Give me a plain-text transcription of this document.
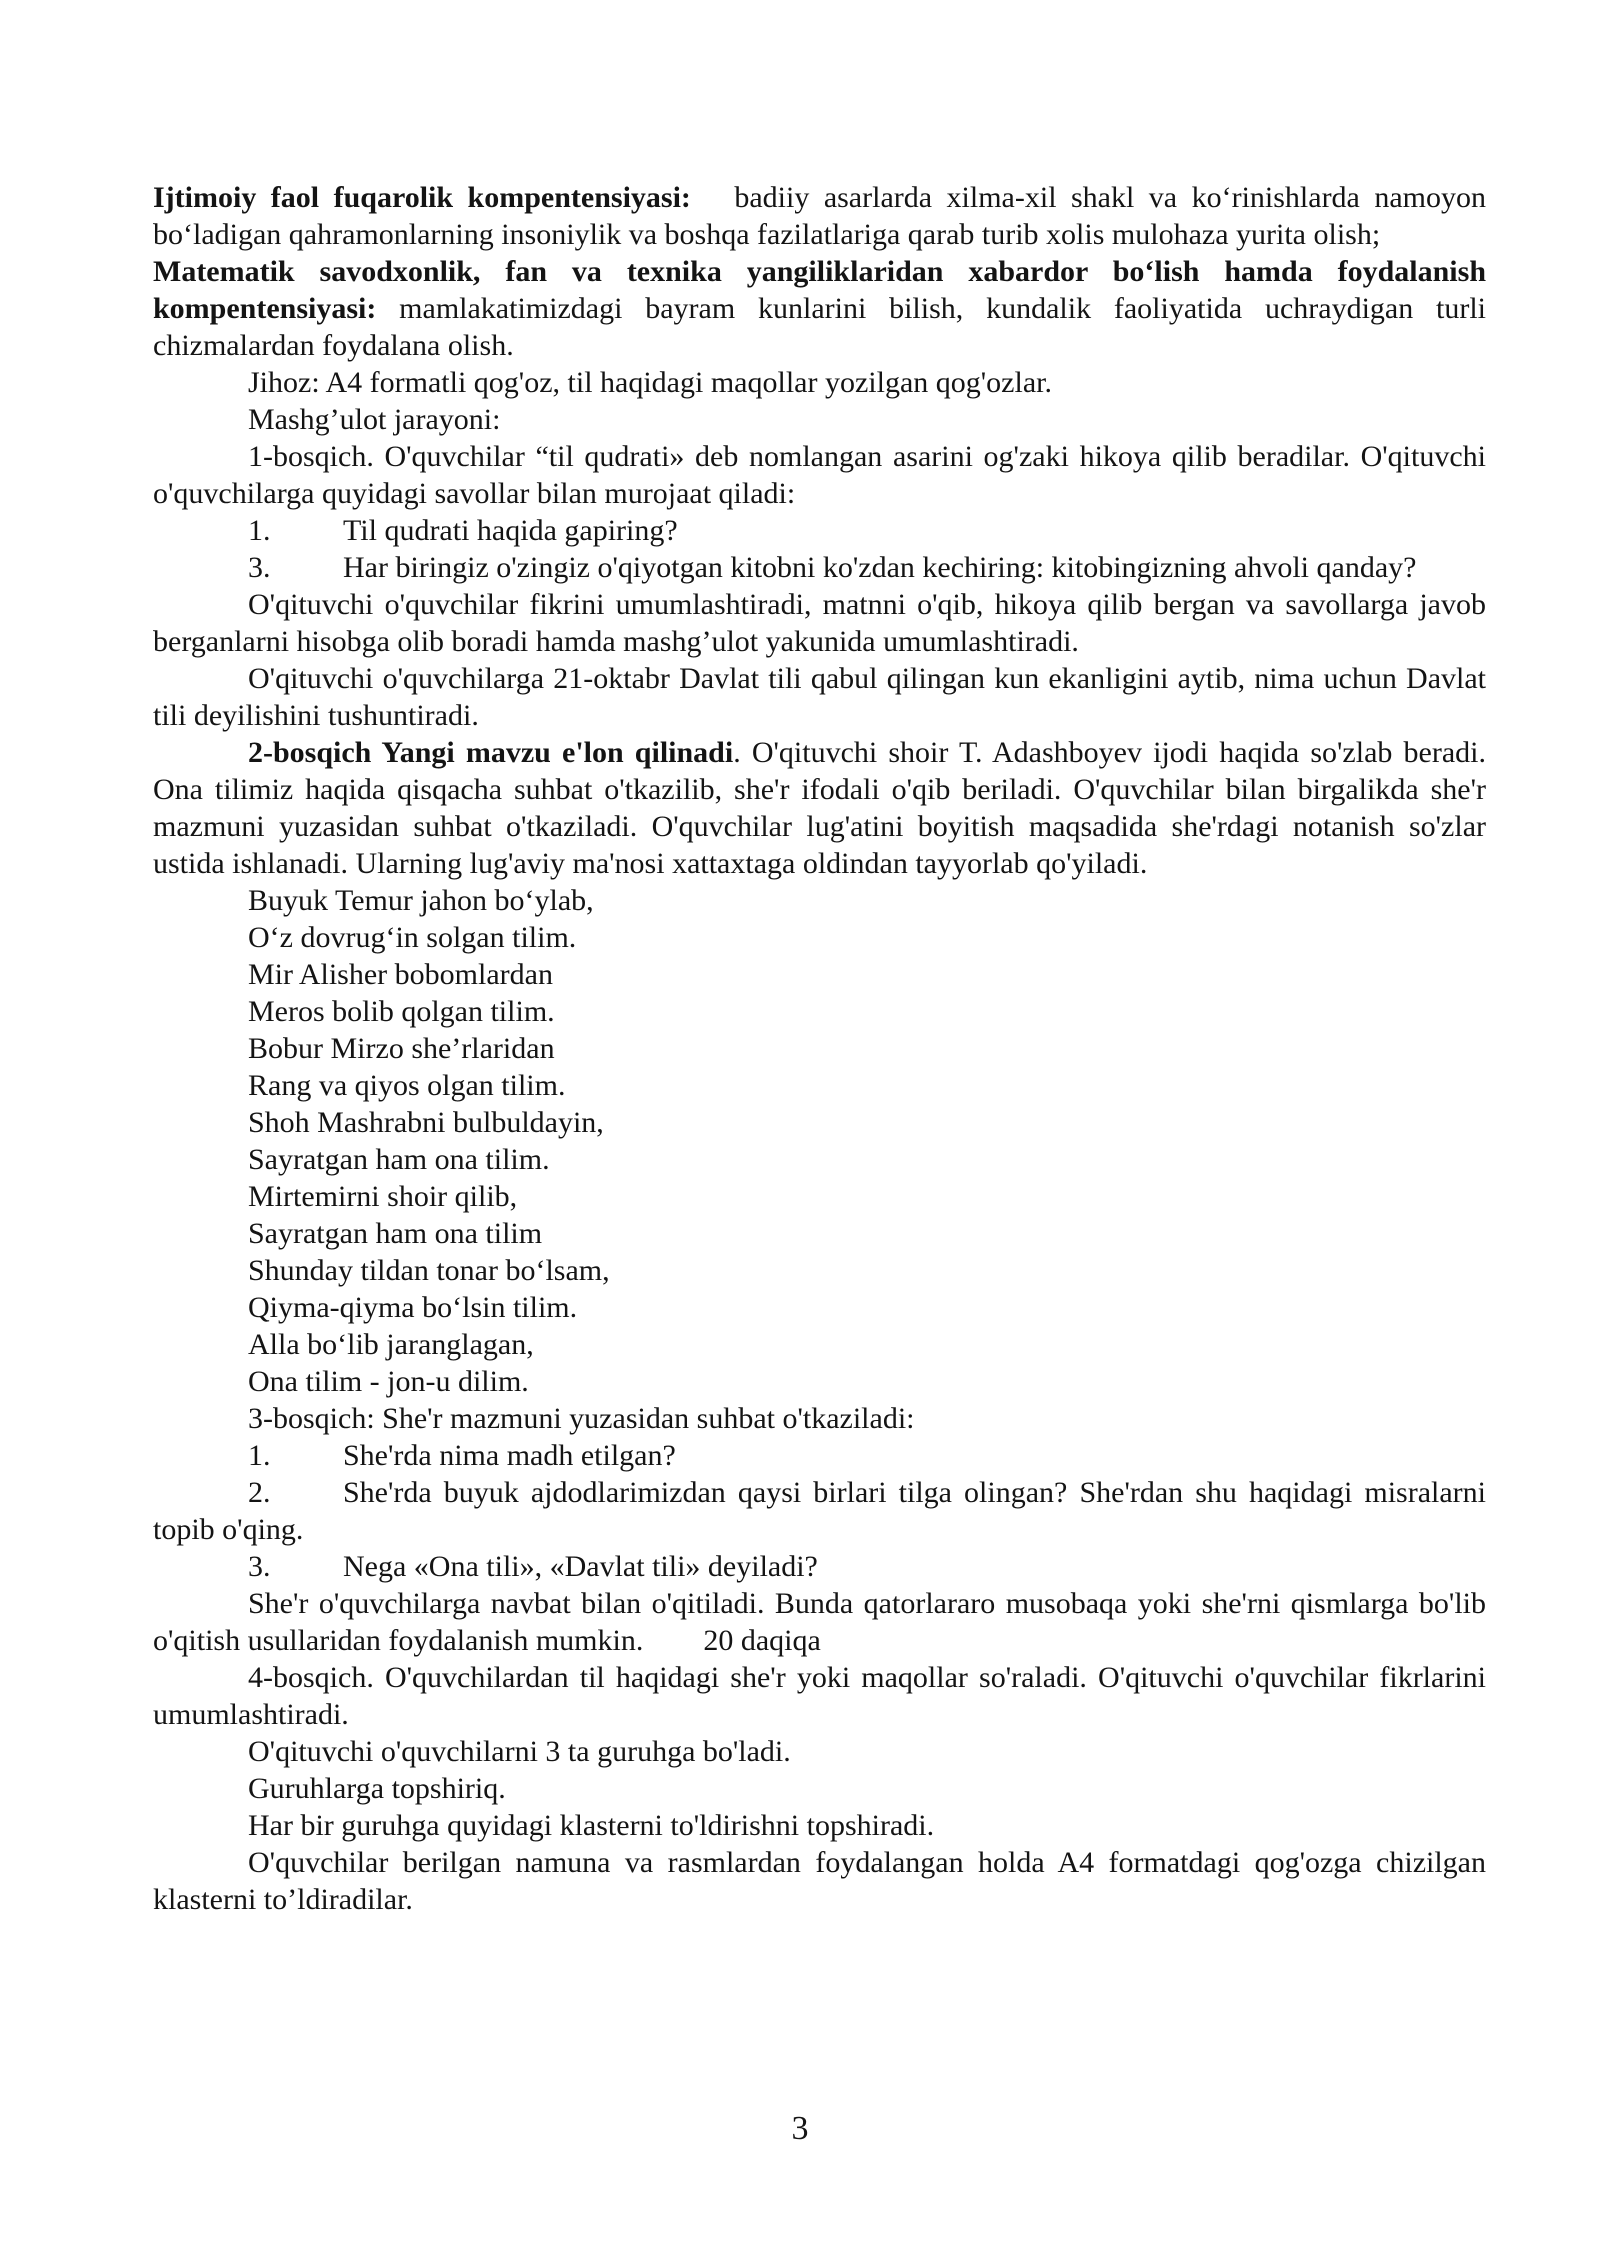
Ijtimoiy faol fuqarolik kompentensiyasi: badiiy asarlarda xilma-xil shakl va ko‘rinishlarda namoyon bo‘ladigan qahramonlarning insoniylik va boshqa fazilatlariga qarab turib xolis mulohaza yurita olish;

Matematik savodxonlik, fan va texnika yangiliklaridan xabardor bo‘lish hamda foydalanish kompentensiyasi: mamlakatimizdagi bayram kunlarini bilish, kundalik faoliyatida uchraydigan turli chizmalardan foydalana olish.

Jihoz: A4 formatli qog'oz, til haqidagi maqollar yozilgan qog'ozlar.

Mashg’ulot jarayoni:

1-bosqich. O'quvchilar “til qudrati» deb nomlangan asarini og'zaki hikoya qilib beradilar. O'qituvchi o'quvchilarga quyidagi savollar bilan murojaat qiladi:

1. Til qudrati haqida gapiring?

3. Har biringiz o'zingiz o'qiyotgan kitobni ko'zdan kechiring: kitobingizning ahvoli qanday?

O'qituvchi o'quvchilar fikrini umumlashtiradi, matnni o'qib, hikoya qilib bergan va savollarga javob berganlarni hisobga olib boradi hamda mashg’ulot yakunida umumlashtiradi.

O'qituvchi o'quvchilarga 21-oktabr Davlat tili qabul qilingan kun ekanligini aytib, nima uchun Davlat tili deyilishini tushuntiradi.

2-bosqich Yangi mavzu e'lon qilinadi. O'qituvchi shoir T. Adashboyev ijodi haqida so'zlab beradi. Ona tilimiz haqida qisqacha suhbat o'tkazilib, she'r ifodali o'qib beriladi. O'quvchilar bilan birgalikda she'r mazmuni yuzasidan suhbat o'tkaziladi. O'quvchilar lug'atini boyitish maqsadida she'rdagi notanish so'zlar ustida ishlanadi. Ularning lug'aviy ma'nosi xattaxtaga oldindan tayyorlab qo'yiladi.

Buyuk Temur jahon bo‘ylab,
O‘z dovrug‘in solgan tilim.
Mir Alisher bobomlardan
Meros bolib qolgan tilim.
Bobur Mirzo she’rlaridan
Rang va qiyos olgan tilim.
Shoh Mashrabni bulbuldayin,
Sayratgan ham ona tilim.
Mirtemirni shoir qilib,
Sayratgan ham ona tilim
Shunday tildan tonar bo‘lsam,
Qiyma-qiyma bo‘lsin tilim.
Alla bo‘lib jaranglagan,
Ona tilim - jon-u dilim.

3-bosqich: She'r mazmuni yuzasidan suhbat o'tkaziladi:

1. She'rda nima madh etilgan?

2. She'rda buyuk ajdodlarimizdan qaysi birlari tilga olingan? She'rdan shu haqidagi misralarni topib o'qing.

3. Nega «Ona tili», «Davlat tili» deyiladi?

She'r o'quvchilarga navbat bilan o'qitiladi. Bunda qatorlararo musobaqa yoki she'rni qismlarga bo'lib o'qitish usullaridan foydalanish mumkin. 20 daqiqa

4-bosqich. O'quvchilardan til haqidagi she'r yoki maqollar so'raladi. O'qituvchi o'quvchilar fikrlarini umumlashtiradi.

O'qituvchi o'quvchilarni 3 ta guruhga bo'ladi.

Guruhlarga topshiriq.

Har bir guruhga quyidagi klasterni to'ldirishni topshiradi.

O'quvchilar berilgan namuna va rasmlardan foydalangan holda A4 formatdagi qog'ozga chizilgan klasterni to’ldiradilar.

3
